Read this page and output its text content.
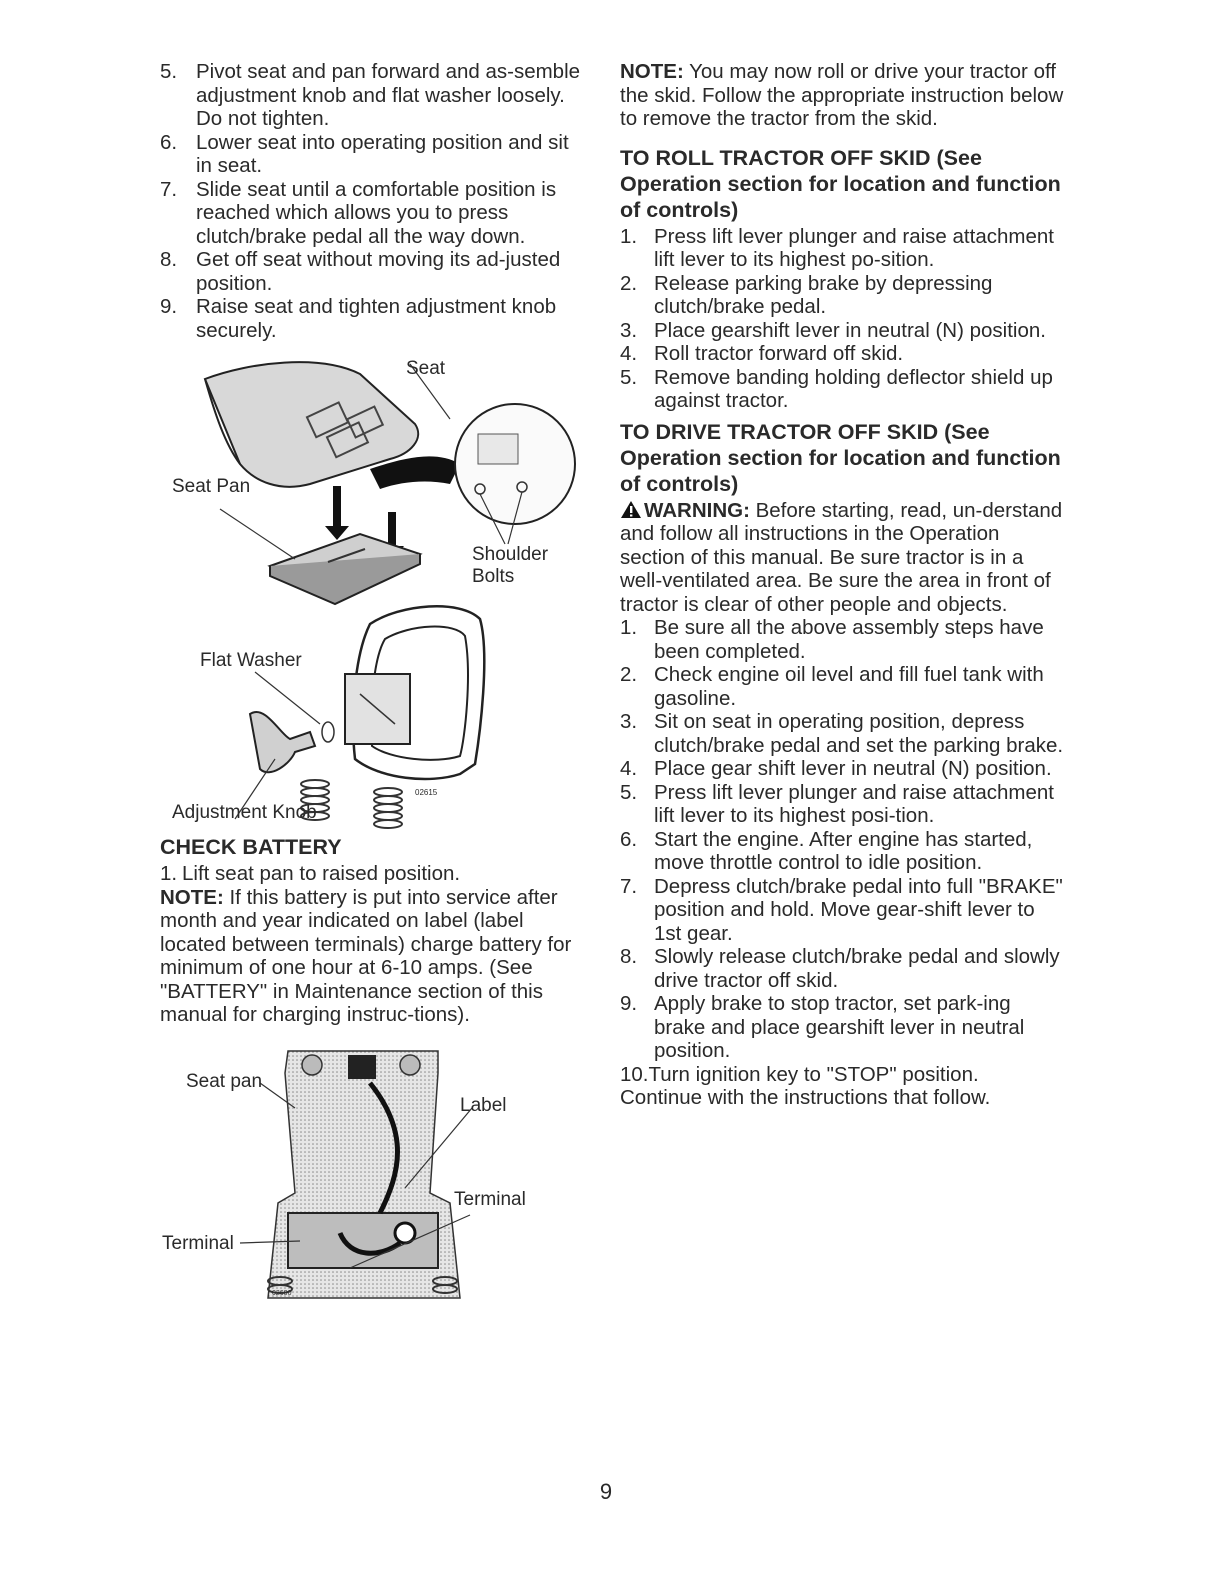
5. Pivot seat and pan forward and as-semble adjustment knob and flat washer loosely. Do not tighten.
6. Lower seat into operating position and sit in seat.
7. Slide seat until a comfortable position is reached which allows you to press clutch/brake pedal all the way down.
8. Get off seat without moving its ad-justed position.
9. Raise seat and tighten adjustment knob securely.
Seat
Seat Pan
Shoulder Bolts
Flat Washer
Adjustment Knob
02615
CHECK BATTERY
1. Lift seat pan to raised position.

NOTE: If this battery is put into service after month and year indicated on label (label located between terminals) charge battery for minimum of one hour at 6-10 amps. (See "BATTERY" in Maintenance section of this manual for charging instruc-tions).

Seat pan
Label
Terminal
Terminal
02600

NOTE: You may now roll or drive your tractor off the skid. Follow the appropriate instruction below to remove the tractor from the skid.

TO ROLL TRACTOR OFF SKID (See Operation section for location and function of controls)
1. Press lift lever plunger and raise attachment lift lever to its highest po-sition.
2. Release parking brake by depressing clutch/brake pedal.
3. Place gearshift lever in neutral (N) position.
4. Roll tractor forward off skid.
5. Remove banding holding deflector shield up against tractor.
TO DRIVE TRACTOR OFF SKID (See Operation section for location and function of controls)

WARNING: Before starting, read, un-derstand and follow all instructions in the Operation section of this manual. Be sure tractor is in a well-ventilated area. Be sure the area in front of tractor is clear of other people and objects.

1. Be sure all the above assembly steps have been completed.
2. Check engine oil level and fill fuel tank with gasoline.
3. Sit on seat in operating position, depress clutch/brake pedal and set the parking brake.
4. Place gear shift lever in neutral (N) position.
5. Press lift lever plunger and raise attachment lift lever to its highest posi-tion.
6. Start the engine. After engine has started, move throttle control to idle position.
7. Depress clutch/brake pedal into full "BRAKE" position and hold. Move gear-shift lever to 1st gear.
8. Slowly release clutch/brake pedal and slowly drive tractor off skid.
9. Apply brake to stop tractor, set park-ing brake and place gearshift lever in neutral position.

10.Turn ignition key to "STOP" position.

Continue with the instructions that follow.

9
